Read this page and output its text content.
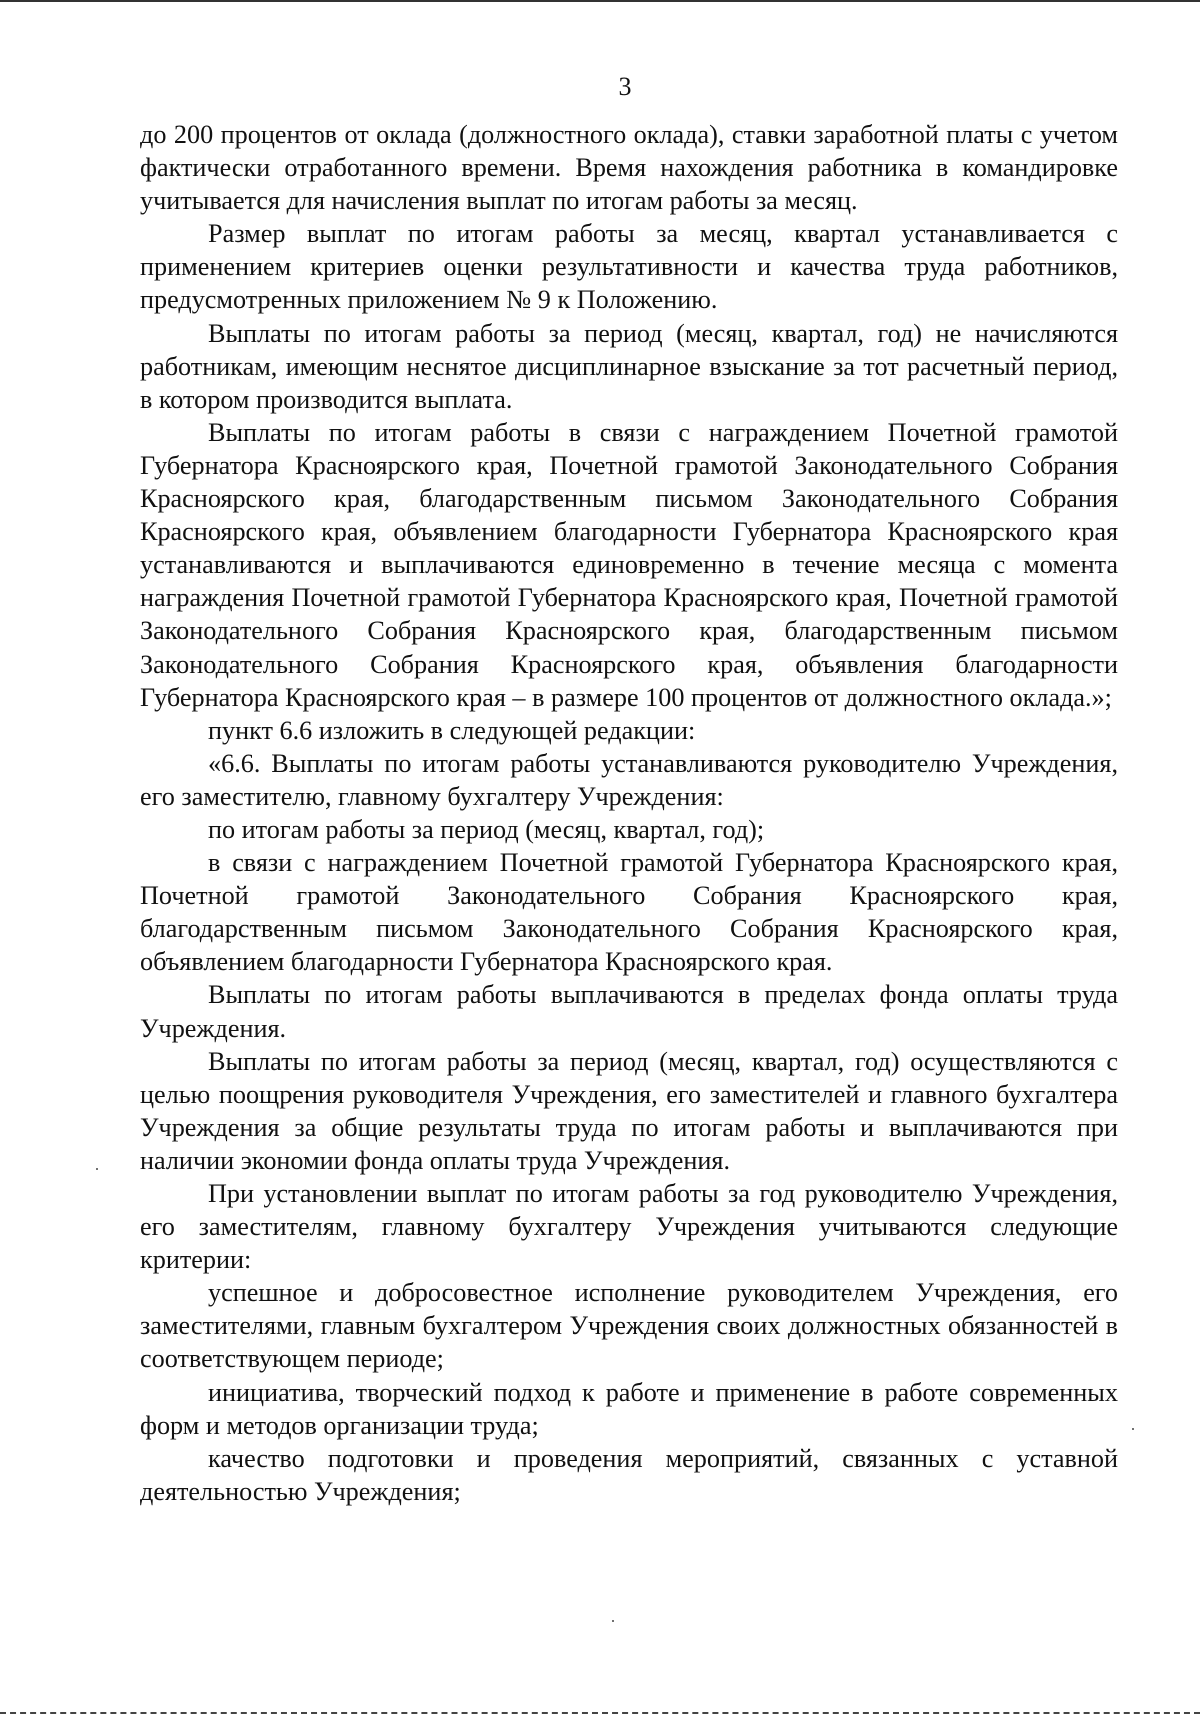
3

до 200 процентов от оклада (должностного оклада), ставки заработной платы с учетом фактически отработанного времени. Время нахождения работника в командировке учитывается для начисления выплат по итогам работы за месяц.

Размер выплат по итогам работы за месяц, квартал устанавливается с применением критериев оценки результативности и качества труда работников, предусмотренных приложением № 9 к Положению.

Выплаты по итогам работы за период (месяц, квартал, год) не начисляются работникам, имеющим неснятое дисциплинарное взыскание за тот расчетный период, в котором производится выплата.

Выплаты по итогам работы в связи с награждением Почетной грамотой Губернатора Красноярского края, Почетной грамотой Законодательного Собрания Красноярского края, благодарственным письмом Законодательного Собрания Красноярского края, объявлением благодарности Губернатора Красноярского края устанавливаются и выплачиваются единовременно в течение месяца с момента награждения Почетной грамотой Губернатора Красноярского края, Почетной грамотой Законодательного Собрания Красноярского края, благодарственным письмом Законодательного Собрания Красноярского края, объявления благодарности Губернатора Красноярского края – в размере 100 процентов от должностного оклада.»;

пункт 6.6 изложить в следующей редакции:

«6.6. Выплаты по итогам работы устанавливаются руководителю Учреждения, его заместителю, главному бухгалтеру Учреждения:

по итогам работы за период (месяц, квартал, год);

в связи с награждением Почетной грамотой Губернатора Красноярского края, Почетной грамотой Законодательного Собрания Красноярского края, благодарственным письмом Законодательного Собрания Красноярского края, объявлением благодарности Губернатора Красноярского края.

Выплаты по итогам работы выплачиваются в пределах фонда оплаты труда Учреждения.

Выплаты по итогам работы за период (месяц, квартал, год) осуществляются с целью поощрения руководителя Учреждения, его заместителей и главного бухгалтера Учреждения за общие результаты труда по итогам работы и выплачиваются при наличии экономии фонда оплаты труда Учреждения.

При установлении выплат по итогам работы за год руководителю Учреждения, его заместителям, главному бухгалтеру Учреждения учитываются следующие критерии:

успешное и добросовестное исполнение руководителем Учреждения, его заместителями, главным бухгалтером Учреждения своих должностных обязанностей в соответствующем периоде;

инициатива, творческий подход к работе и применение в работе современных форм и методов организации труда;

качество подготовки и проведения мероприятий, связанных с уставной деятельностью Учреждения;
